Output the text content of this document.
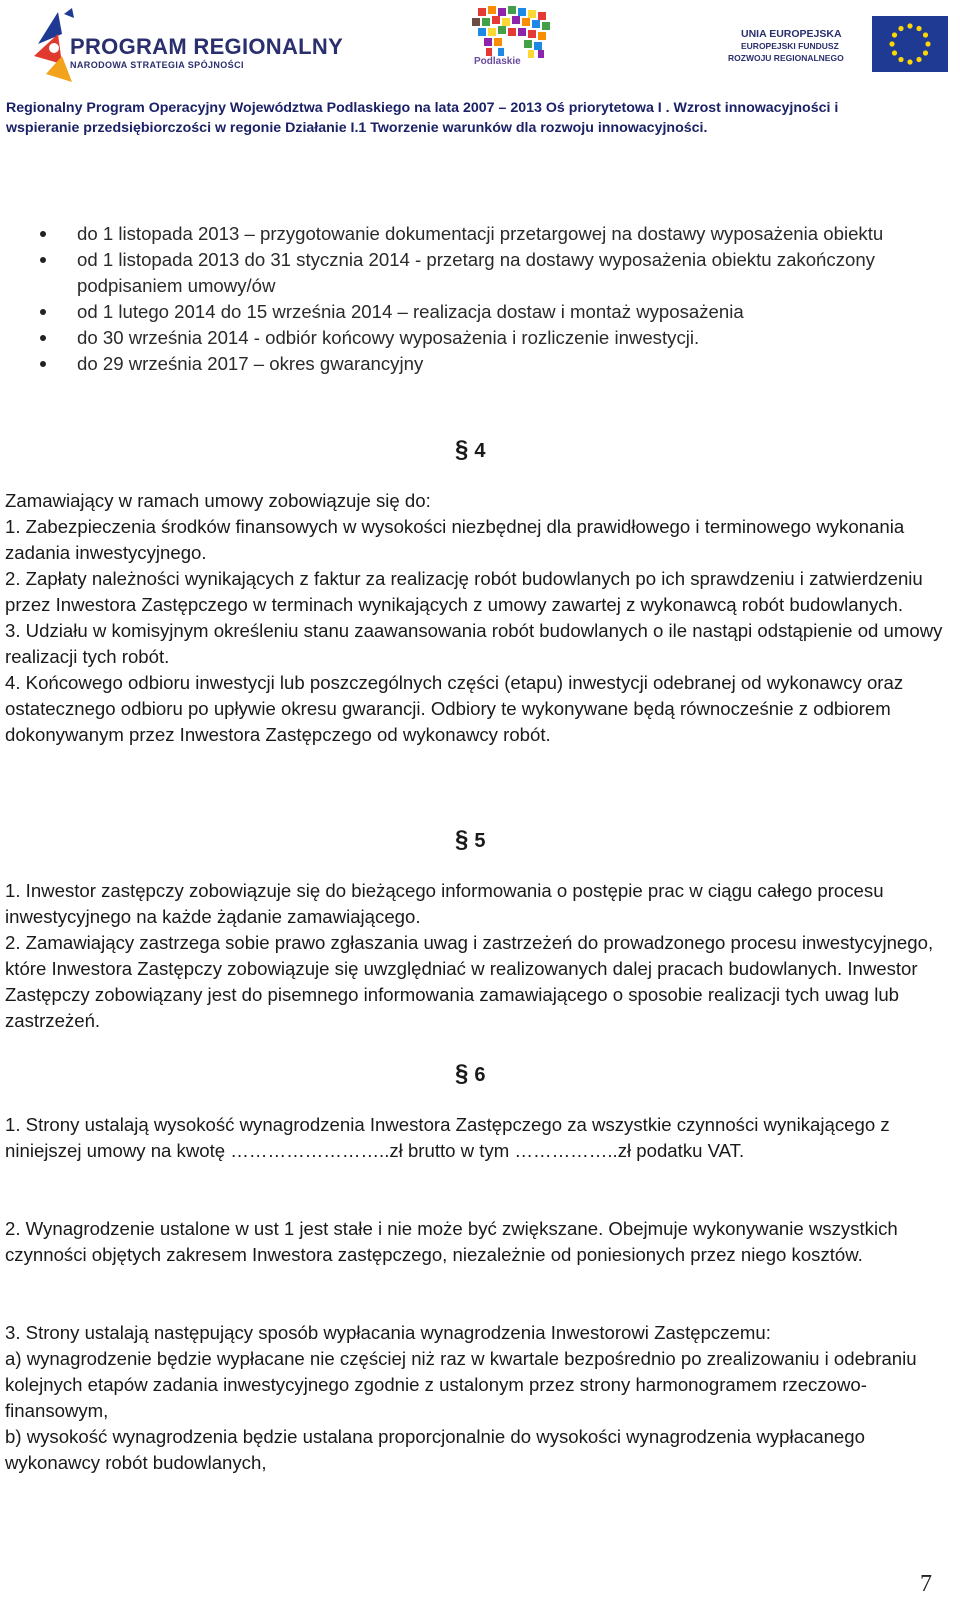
PROGRAM REGIONALNY
NARODOWA STRATEGIA SPÓJNOŚCI	Podlaskie
UNIA EUROPEJSKA
EUROPEJSKI FUNDUSZ
ROZWOJU REGIONALNEGO
Regionalny Program Operacyjny Województwa Podlaskiego na lata 2007 – 2013 Oś priorytetowa I . Wzrost innowacyjności i
wspieranie przedsiębiorczości w regonie Działanie I.1 Tworzenie warunków dla rozwoju innowacyjności.
do 1 listopada 2013 – przygotowanie dokumentacji przetargowej na dostawy wyposażenia obiektu
od 1 listopada 2013 do 31 stycznia 2014 - przetarg na dostawy wyposażenia obiektu zakończony podpisaniem umowy/ów
od 1 lutego 2014 do 15 września 2014 – realizacja dostaw i montaż wyposażenia
do 30 września 2014 - odbiór końcowy wyposażenia i rozliczenie inwestycji.
do 29 września 2017 – okres gwarancyjny
§ 4

Zamawiający w ramach umowy zobowiązuje się do:

1. Zabezpieczenia środków finansowych w wysokości niezbędnej dla prawidłowego i terminowego wykonania zadania inwestycyjnego.

2. Zapłaty należności wynikających z faktur za realizację robót budowlanych po ich sprawdzeniu i zatwierdzeniu przez Inwestora Zastępczego w terminach wynikających z umowy zawartej z wykonawcą robót budowlanych.

3. Udziału w komisyjnym określeniu stanu zaawansowania robót budowlanych o ile nastąpi odstąpienie od umowy realizacji tych robót.

4. Końcowego odbioru inwestycji lub poszczególnych części (etapu) inwestycji odebranej od wykonawcy oraz ostatecznego odbioru po upływie okresu gwarancji. Odbiory te wykonywane będą równocześnie z odbiorem dokonywanym przez Inwestora Zastępczego od wykonawcy robót.

§ 5

1. Inwestor zastępczy zobowiązuje się do bieżącego informowania o postępie prac w ciągu całego procesu inwestycyjnego na każde żądanie zamawiającego.

2. Zamawiający zastrzega sobie prawo zgłaszania uwag i zastrzeżeń do prowadzonego procesu inwestycyjnego, które Inwestora Zastępczy zobowiązuje się uwzględniać w realizowanych dalej pracach budowlanych. Inwestor Zastępczy zobowiązany jest do pisemnego informowania zamawiającego o sposobie realizacji tych uwag lub zastrzeżeń.

§ 6

1. Strony ustalają wysokość wynagrodzenia Inwestora Zastępczego za wszystkie czynności wynikającego z niniejszej umowy na kwotę ……………………..zł brutto w tym ……………..zł podatku VAT.

2. Wynagrodzenie ustalone w ust 1 jest stałe i nie może być zwiększane. Obejmuje wykonywanie wszystkich czynności objętych zakresem Inwestora zastępczego, niezależnie od poniesionych przez niego kosztów.

3. Strony ustalają następujący sposób wypłacania wynagrodzenia Inwestorowi Zastępczemu:

a) wynagrodzenie będzie wypłacane nie częściej niż raz w kwartale bezpośrednio po zrealizowaniu i odebraniu kolejnych etapów zadania inwestycyjnego zgodnie z ustalonym przez strony harmonogramem rzeczowo-finansowym,

b) wysokość wynagrodzenia będzie ustalana proporcjonalnie do wysokości wynagrodzenia wypłacanego wykonawcy robót budowlanych,

7
